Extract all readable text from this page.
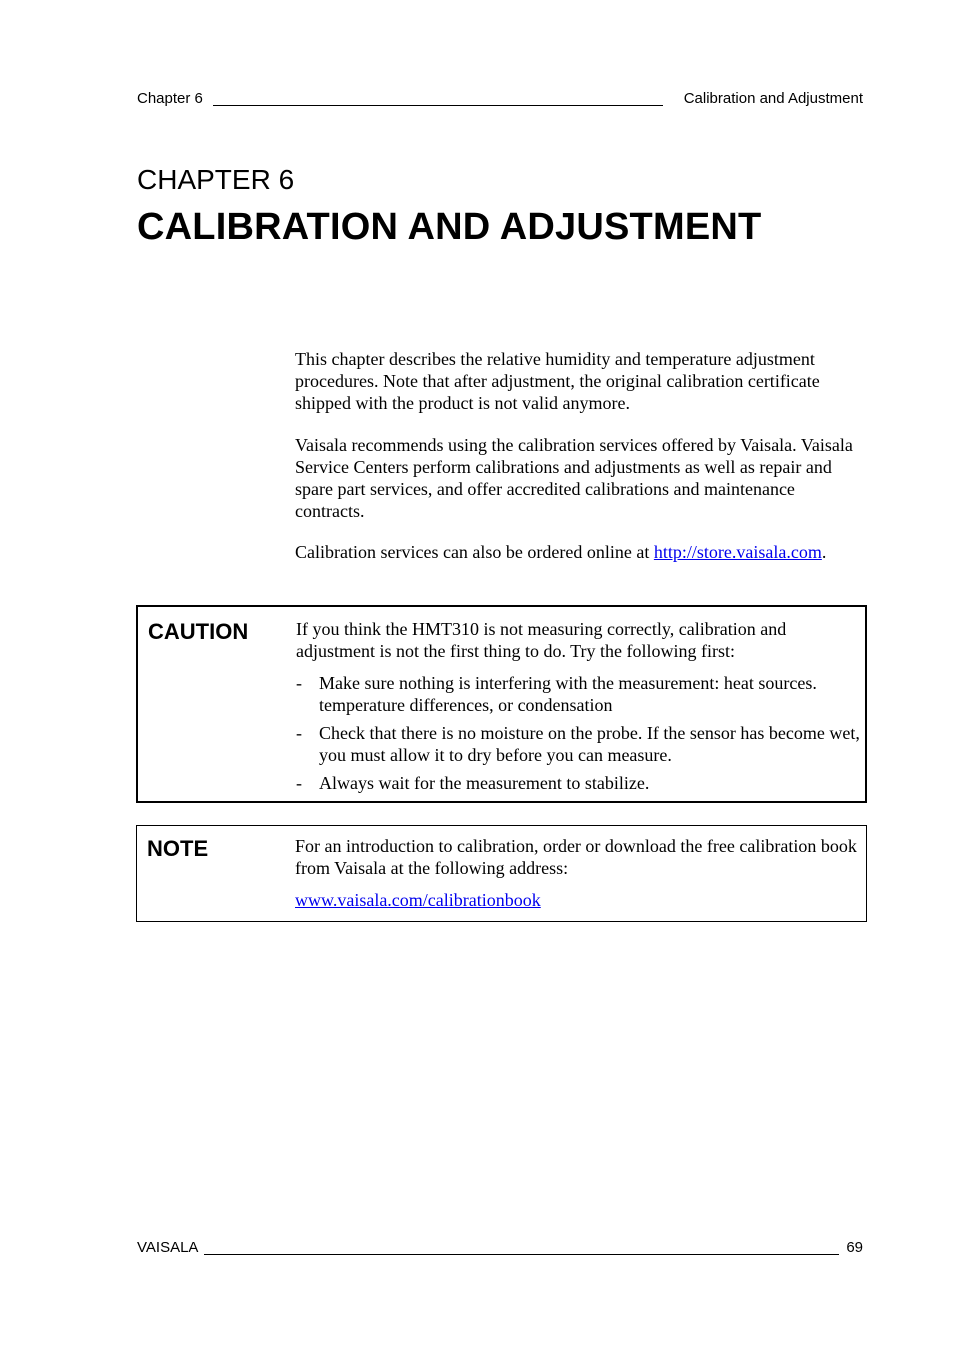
Chapter 6	Calibration and Adjustment
CHAPTER 6
CALIBRATION AND ADJUSTMENT
This chapter describes the relative humidity and temperature adjustment procedures. Note that after adjustment, the original calibration certificate shipped with the product is not valid anymore.
Vaisala recommends using the calibration services offered by Vaisala. Vaisala Service Centers perform calibrations and adjustments as well as repair and spare part services, and offer accredited calibrations and maintenance contracts.
Calibration services can also be ordered online at http://store.vaisala.com.
CAUTION	If you think the HMT310 is not measuring correctly, calibration and adjustment is not the first thing to do. Try the following first:

- Make sure nothing is interfering with the measurement: heat sources. temperature differences, or condensation
- Check that there is no moisture on the probe. If the sensor has become wet, you must allow it to dry before you can measure.
- Always wait for the measurement to stabilize.
NOTE	For an introduction to calibration, order or download the free calibration book from Vaisala at the following address:

www.vaisala.com/calibrationbook

VAISALA	69
